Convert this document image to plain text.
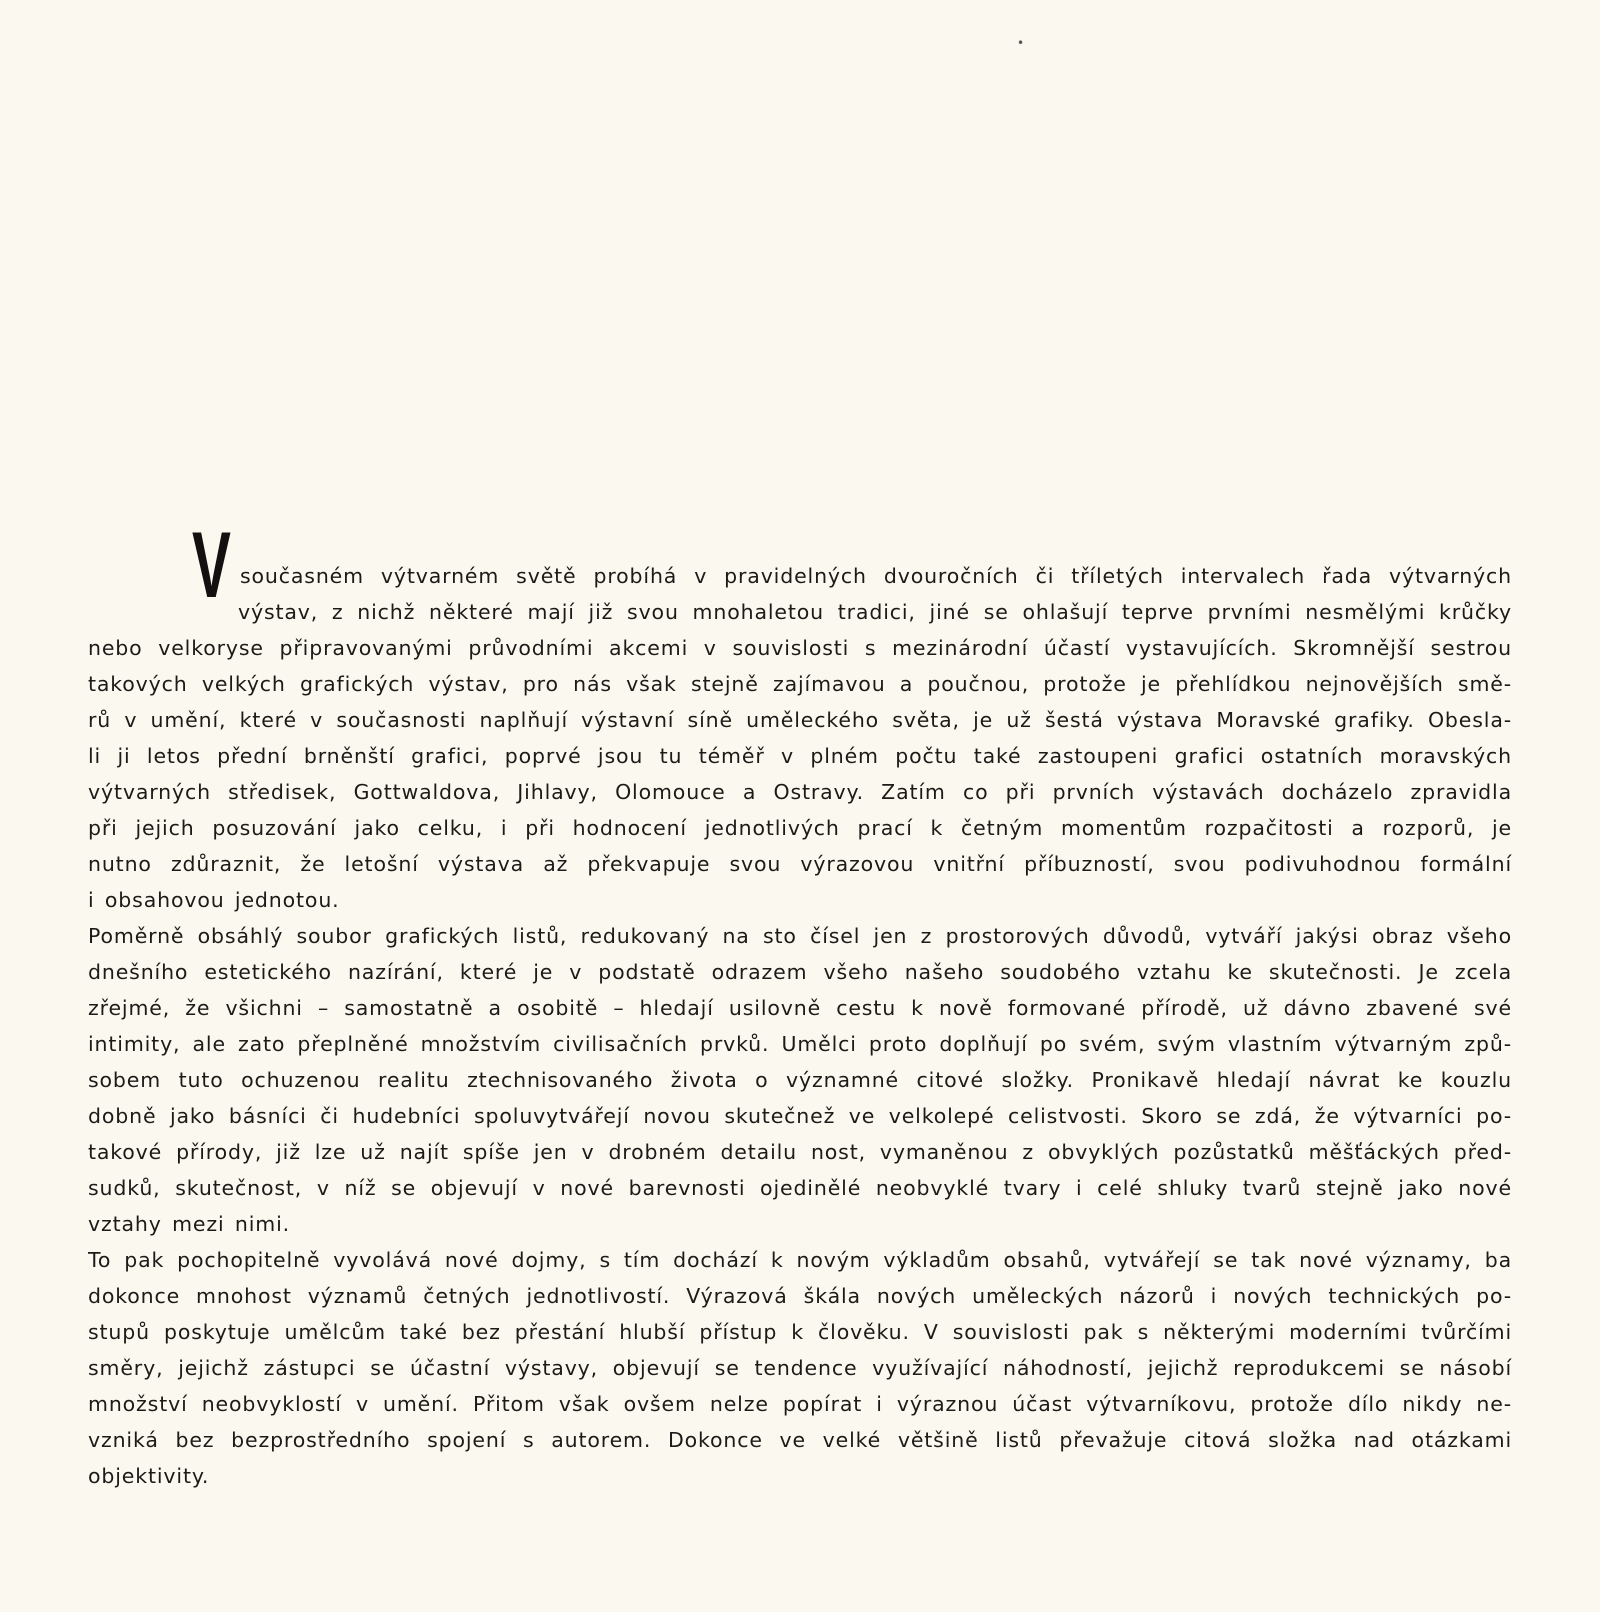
•
V současném výtvarném světě probíhá v pravidelných dvouročních či tříletých intervalech řada výtvarných
výstav, z nichž některé mají již svou mnohaletou tradici, jiné se ohlašují teprve prvními nesmělými krůčky
nebo velkoryse připravovanými průvodními akcemi v souvislosti s mezinárodní účastí vystavujících. Skromnější sestrou
takových velkých grafických výstav, pro nás však stejně zajímavou a poučnou, protože je přehlídkou nejnovějších smě-
rů v umění, které v současnosti naplňují výstavní síně uměleckého světa, je už šestá výstava Moravské grafiky. Obesla-
li ji letos přední brněnští grafici, poprvé jsou tu téměř v plném počtu také zastoupeni grafici ostatních moravských
výtvarných středisek, Gottwaldova, Jihlavy, Olomouce a Ostravy. Zatím co při prvních výstavách docházelo zpravidla
při jejich posuzování jako celku, i při hodnocení jednotlivých prací k četným momentům rozpačitosti a rozporů, je
nutno zdůraznit, že letošní výstava až překvapuje svou výrazovou vnitřní příbuzností, svou podivuhodnou formální
i obsahovou jednotou.
Poměrně obsáhlý soubor grafických listů, redukovaný na sto čísel jen z prostorových důvodů, vytváří jakýsi obraz všeho
dnešního estetického nazírání, které je v podstatě odrazem všeho našeho soudobého vztahu ke skutečnosti. Je zcela
zřejmé, že všichni – samostatně a osobitě – hledají usilovně cestu k nově formované přírodě, už dávno zbavené své
intimity, ale zato přeplněné množstvím civilisačních prvků. Umělci proto doplňují po svém, svým vlastním výtvarným způ-
sobem tuto ochuzenou realitu ztechnisovaného života o významné citové složky. Pronikavě hledají návrat ke kouzlu
dobně jako básníci či hudebníci spoluvytvářejí novou skutečnež ve velkolepé celistvosti. Skoro se zdá, že výtvarníci po-
takové přírody, již lze už najít spíše jen v drobném detailu nost, vymaněnou z obvyklých pozůstatků měšťáckých před-
sudků, skutečnost, v níž se objevují v nové barevnosti ojedinělé neobvyklé tvary i celé shluky tvarů stejně jako nové
vztahy mezi nimi.
To pak pochopitelně vyvolává nové dojmy, s tím dochází k novým výkladům obsahů, vytvářejí se tak nové významy, ba
dokonce mnohost významů četných jednotlivostí. Výrazová škála nových uměleckých názorů i nových technických po-
stupů poskytuje umělcům také bez přestání hlubší přístup k člověku. V souvislosti pak s některými moderními tvůrčími
směry, jejichž zástupci se účastní výstavy, objevují se tendence využívající náhodností, jejichž reprodukcemi se násobí
množství neobvyklostí v umění. Přitom však ovšem nelze popírat i výraznou účast výtvarníkovu, protože dílo nikdy ne-
vzniká bez bezprostředního spojení s autorem. Dokonce ve velké většině listů převažuje citová složka nad otázkami
objektivity.
